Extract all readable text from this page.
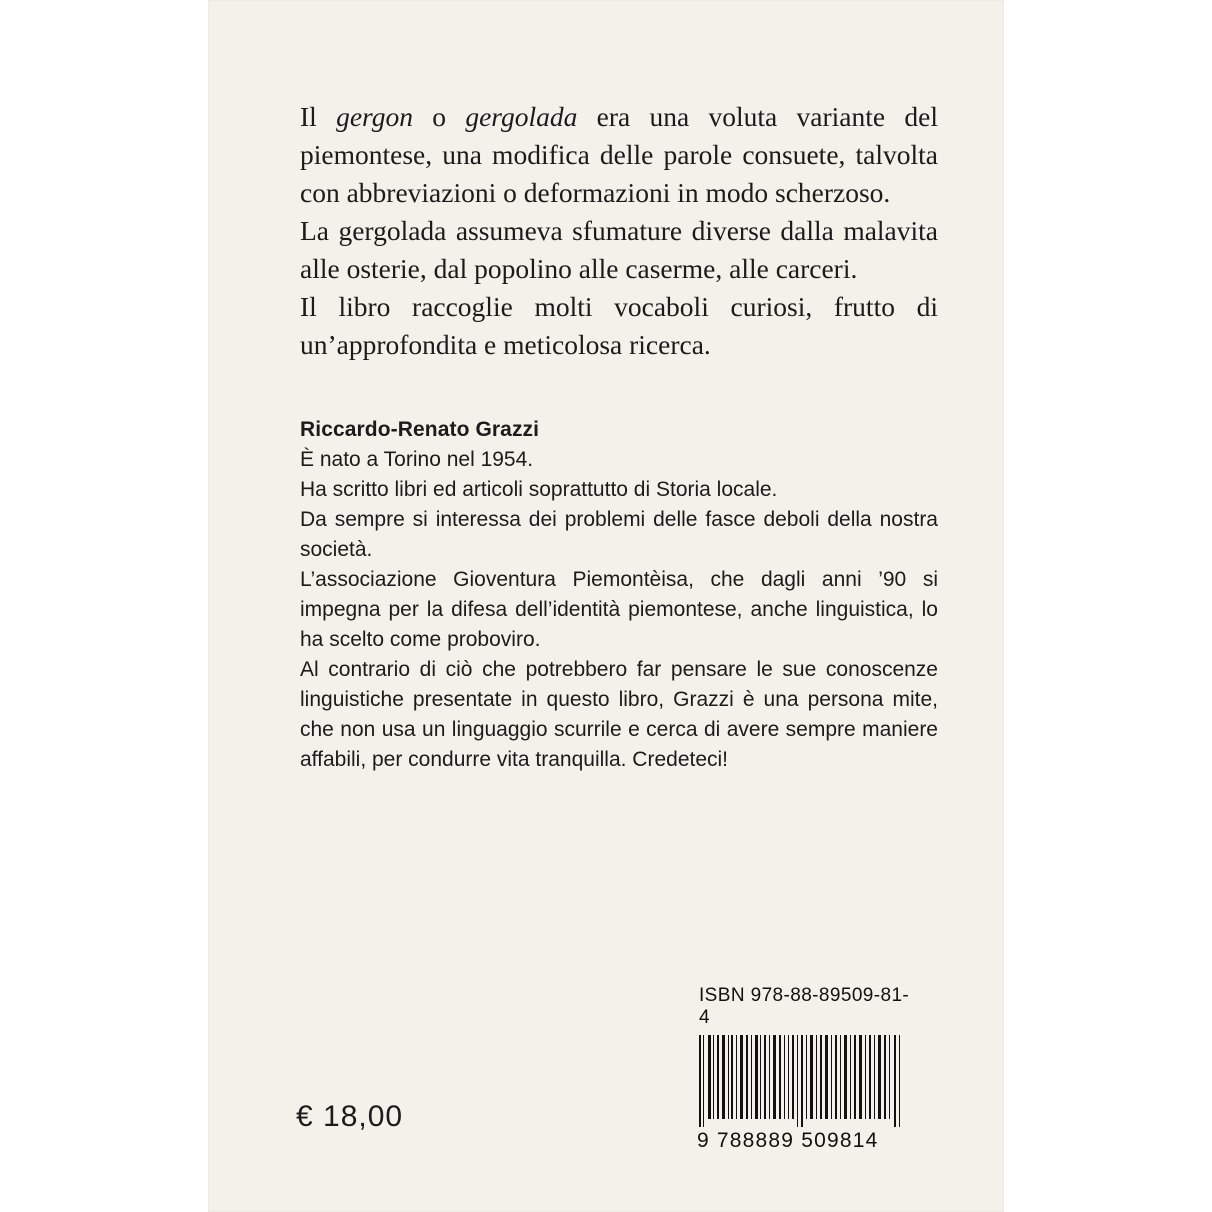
Il gergon o gergolada era una voluta variante del piemontese, una modifica delle parole consuete, talvolta con abbreviazioni o deformazioni in modo scherzoso.

La gergolada assumeva sfumature diverse dalla malavita alle osterie, dal popolino alle caserme, alle carceri.

Il libro raccoglie molti vocaboli curiosi, frutto di un’approfondita e meticolosa ricerca.

Riccardo-Renato Grazzi

È nato a Torino nel 1954.

Ha scritto libri ed articoli soprattutto di Storia locale.

Da sempre si interessa dei problemi delle fasce deboli della nostra società.

L’associazione Gioventura Piemontèisa, che dagli anni ’90 si impegna per la difesa dell’identità piemontese, anche linguistica, lo ha scelto come proboviro.

Al contrario di ciò che potrebbero far pensare le sue conoscenze linguistiche presentate in questo libro, Grazzi è una persona mite, che non usa un linguaggio scurrile e cerca di avere sempre maniere affabili, per condurre vita tranquilla. Credeteci!

€ 18,00

ISBN 978-88-89509-81-4

9 788889 509814
